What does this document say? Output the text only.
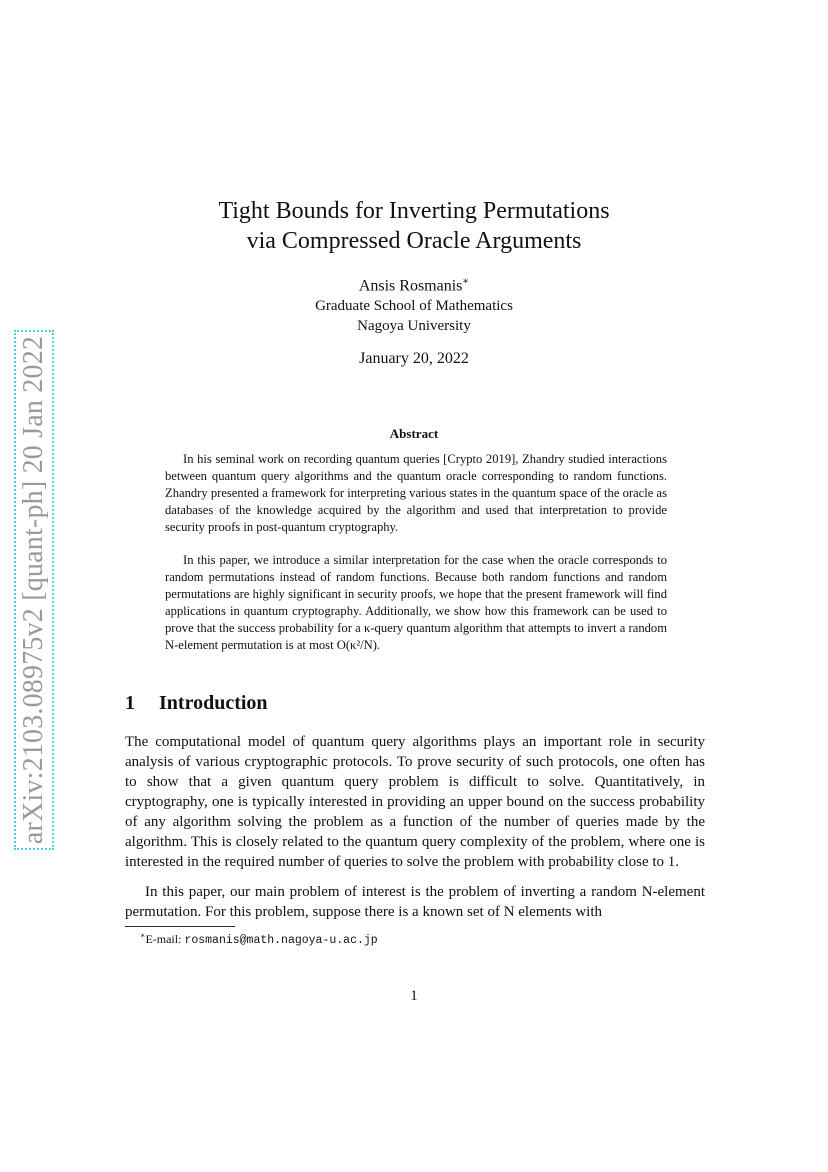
arXiv:2103.08975v2 [quant-ph] 20 Jan 2022
Tight Bounds for Inverting Permutations
via Compressed Oracle Arguments
Ansis Rosmanis∗
Graduate School of Mathematics
Nagoya University
January 20, 2022
Abstract

In his seminal work on recording quantum queries [Crypto 2019], Zhandry studied interactions between quantum query algorithms and the quantum oracle corresponding to random functions. Zhandry presented a framework for interpreting various states in the quantum space of the oracle as databases of the knowledge acquired by the algorithm and used that interpretation to provide security proofs in post-quantum cryptography.

In this paper, we introduce a similar interpretation for the case when the oracle corresponds to random permutations instead of random functions. Because both random functions and random permutations are highly significant in security proofs, we hope that the present framework will find applications in quantum cryptography. Additionally, we show how this framework can be used to prove that the success probability for a κ-query quantum algorithm that attempts to invert a random N-element permutation is at most O(κ²/N).

1 Introduction

The computational model of quantum query algorithms plays an important role in security analysis of various cryptographic protocols. To prove security of such protocols, one often has to show that a given quantum query problem is difficult to solve. Quantitatively, in cryptography, one is typically interested in providing an upper bound on the success probability of any algorithm solving the problem as a function of the number of queries made by the algorithm. This is closely related to the quantum query complexity of the problem, where one is interested in the required number of queries to solve the problem with probability close to 1.

In this paper, our main problem of interest is the problem of inverting a random N-element permutation. For this problem, suppose there is a known set of N elements with

∗E-mail: rosmanis@math.nagoya-u.ac.jp
1
